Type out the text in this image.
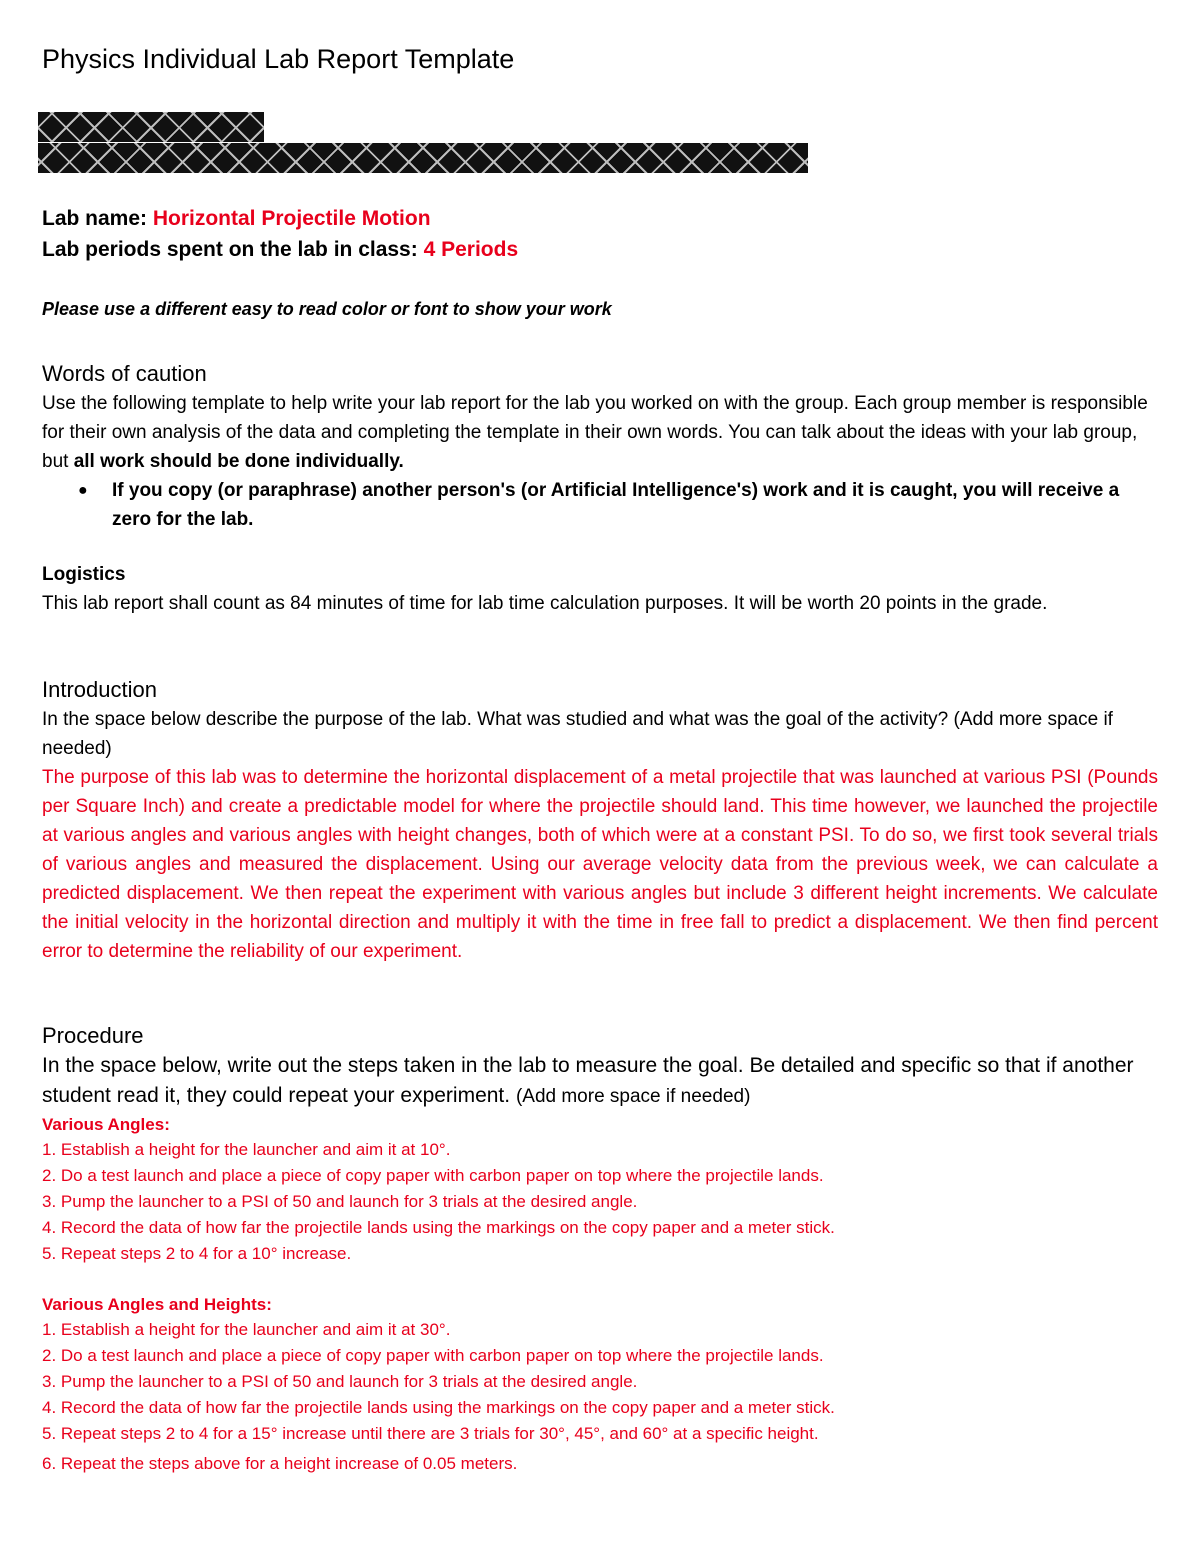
Physics Individual Lab Report Template
Lab name: Horizontal Projectile Motion
Lab periods spent on the lab in class: 4 Periods
Please use a different easy to read color or font to show your work
Words of caution
Use the following template to help write your lab report for the lab you worked on with the group. Each group member is responsible for their own analysis of the data and completing the template in their own words. You can talk about the ideas with your lab group, but all work should be done individually.
●	If you copy (or paraphrase) another person's (or Artificial Intelligence's) work and it is caught, you will receive a zero for the lab.
Logistics
This lab report shall count as 84 minutes of time for lab time calculation purposes. It will be worth 20 points in the grade.
Introduction
In the space below describe the purpose of the lab. What was studied and what was the goal of the activity? (Add more space if needed)
The purpose of this lab was to determine the horizontal displacement of a metal projectile that was launched at various PSI (Pounds per Square Inch) and create a predictable model for where the projectile should land. This time however, we launched the projectile at various angles and various angles with height changes, both of which were at a constant PSI. To do so, we first took several trials of various angles and measured the displacement. Using our average velocity data from the previous week, we can calculate a predicted displacement. We then repeat the experiment with various angles but include 3 different height increments. We calculate the initial velocity in the horizontal direction and multiply it with the time in free fall to predict a displacement. We then find percent error to determine the reliability of our experiment.
Procedure
In the space below, write out the steps taken in the lab to measure the goal. Be detailed and specific so that if another student read it, they could repeat your experiment. (Add more space if needed)
Various Angles:
1. Establish a height for the launcher and aim it at 10°.
2. Do a test launch and place a piece of copy paper with carbon paper on top where the projectile lands.
3. Pump the launcher to a PSI of 50 and launch for 3 trials at the desired angle.
4. Record the data of how far the projectile lands using the markings on the copy paper and a meter stick.
5. Repeat steps 2 to 4 for a 10° increase.
Various Angles and Heights:
1. Establish a height for the launcher and aim it at 30°.
2. Do a test launch and place a piece of copy paper with carbon paper on top where the projectile lands.
3. Pump the launcher to a PSI of 50 and launch for 3 trials at the desired angle.
4. Record the data of how far the projectile lands using the markings on the copy paper and a meter stick.
5. Repeat steps 2 to 4 for a 15° increase until there are 3 trials for 30°, 45°, and 60° at a specific height.
6. Repeat the steps above for a height increase of 0.05 meters.
